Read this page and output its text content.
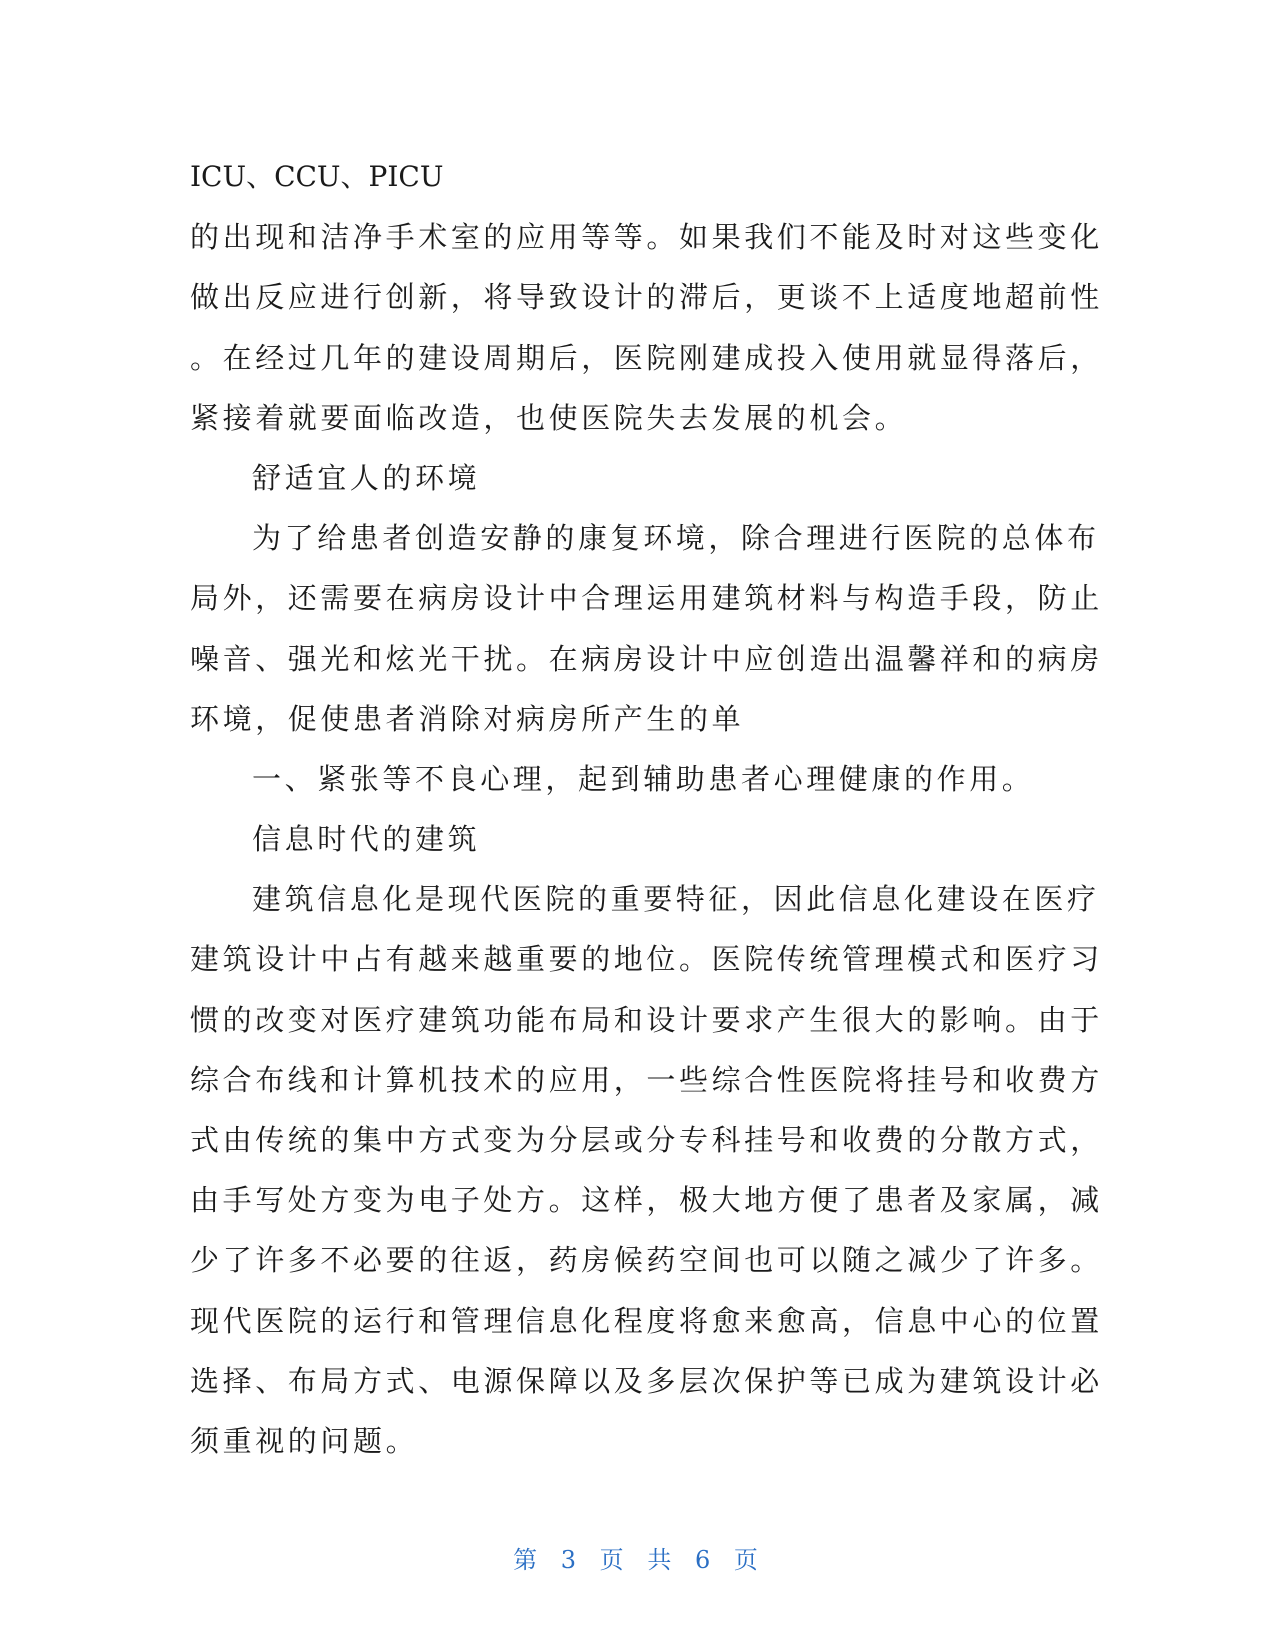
ICU、CCU、PICU
的出现和洁净手术室的应用等等。如果我们不能及时对这些变化
做出反应进行创新，将导致设计的滞后，更谈不上适度地超前性
。在经过几年的建设周期后，医院刚建成投入使用就显得落后，
紧接着就要面临改造，也使医院失去发展的机会。
舒适宜人的环境
为了给患者创造安静的康复环境，除合理进行医院的总体布
局外，还需要在病房设计中合理运用建筑材料与构造手段，防止
噪音、强光和炫光干扰。在病房设计中应创造出温馨祥和的病房
环境，促使患者消除对病房所产生的单
一、紧张等不良心理，起到辅助患者心理健康的作用。
信息时代的建筑
建筑信息化是现代医院的重要特征，因此信息化建设在医疗
建筑设计中占有越来越重要的地位。医院传统管理模式和医疗习
惯的改变对医疗建筑功能布局和设计要求产生很大的影响。由于
综合布线和计算机技术的应用，一些综合性医院将挂号和收费方
式由传统的集中方式变为分层或分专科挂号和收费的分散方式，
由手写处方变为电子处方。这样，极大地方便了患者及家属，减
少了许多不必要的往返，药房候药空间也可以随之减少了许多。
现代医院的运行和管理信息化程度将愈来愈高，信息中心的位置
选择、布局方式、电源保障以及多层次保护等已成为建筑设计必
须重视的问题。
第 3 页 共 6 页
